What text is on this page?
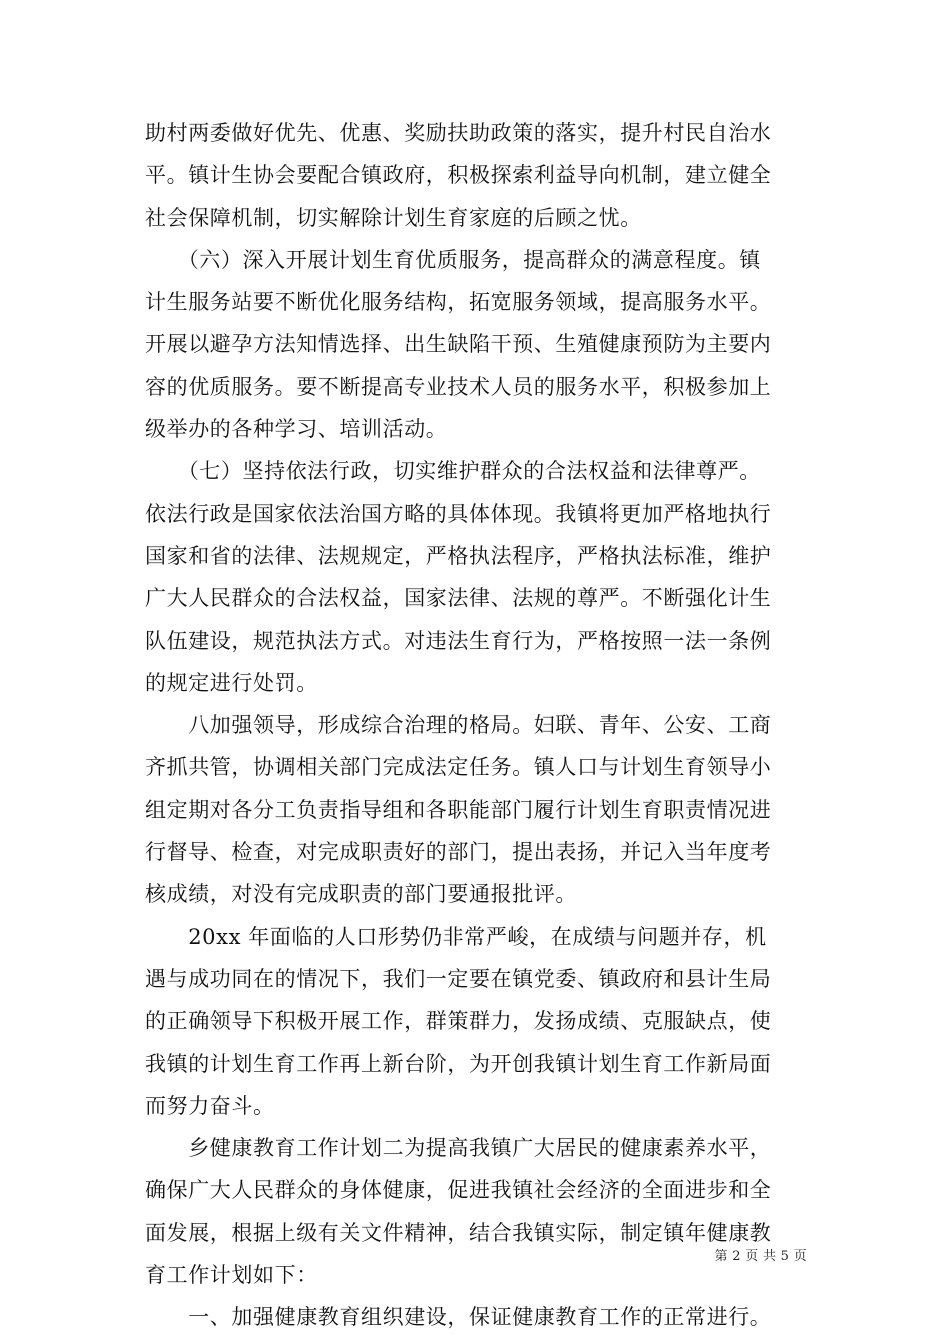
助村两委做好优先、优惠、奖励扶助政策的落实，提升村民自治水
平。镇计生协会要配合镇政府，积极探索利益导向机制，建立健全
社会保障机制，切实解除计划生育家庭的后顾之忧。

　　（六）深入开展计划生育优质服务，提高群众的满意程度。镇
计生服务站要不断优化服务结构，拓宽服务领域，提高服务水平。
开展以避孕方法知情选择、出生缺陷干预、生殖健康预防为主要内
容的优质服务。要不断提高专业技术人员的服务水平，积极参加上
级举办的各种学习、培训活动。

　　（七）坚持依法行政，切实维护群众的合法权益和法律尊严。
依法行政是国家依法治国方略的具体体现。我镇将更加严格地执行
国家和省的法律、法规规定，严格执法程序，严格执法标准，维护
广大人民群众的合法权益，国家法律、法规的尊严。不断强化计生
队伍建设，规范执法方式。对违法生育行为，严格按照一法一条例
的规定进行处罚。

　　八加强领导，形成综合治理的格局。妇联、青年、公安、工商
齐抓共管，协调相关部门完成法定任务。镇人口与计划生育领导小
组定期对各分工负责指导组和各职能部门履行计划生育职责情况进
行督导、检查，对完成职责好的部门，提出表扬，并记入当年度考
核成绩，对没有完成职责的部门要通报批评。

　　20xx 年面临的人口形势仍非常严峻，在成绩与问题并存，机
遇与成功同在的情况下，我们一定要在镇党委、镇政府和县计生局
的正确领导下积极开展工作，群策群力，发扬成绩、克服缺点，使
我镇的计划生育工作再上新台阶，为开创我镇计划生育工作新局面
而努力奋斗。

　　乡健康教育工作计划二为提高我镇广大居民的健康素养水平，
确保广大人民群众的身体健康，促进我镇社会经济的全面进步和全
面发展，根据上级有关文件精神，结合我镇实际，制定镇年健康教
育工作计划如下：

　　一、加强健康教育组织建设，保证健康教育工作的正常进行。

第 2 页 共 5 页
